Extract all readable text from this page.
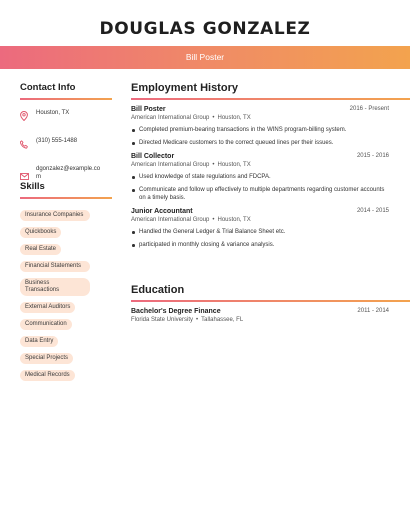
DOUGLAS GONZALEZ
Bill Poster
Contact Info
Houston, TX
(310) 555-1488
dgonzalez@example.com
Skills
Insurance Companies
Quickbooks
Real Estate
Financial Statements
Business Transactions
External Auditors
Communication
Data Entry
Special Projects
Medical Records
Employment History
Bill Poster	2016 - Present
American International Group • Houston, TX
Completed premium-bearing transactions in the WINS program-billing system.
Directed Medicare customers to the correct queued lines per their issues.
Bill Collector	2015 - 2016
American International Group • Houston, TX
Used knowledge of state regulations and FDCPA.
Communicate and follow up effectively to multiple departments regarding customer accounts on a timely basis.
Junior Accountant	2014 - 2015
American International Group • Houston, TX
Handled the General Ledger & Trial Balance Sheet etc.
participated in monthly closing & variance analysis.
Education
Bachelor's Degree Finance	2011 - 2014
Florida State University • Tallahassee, FL
